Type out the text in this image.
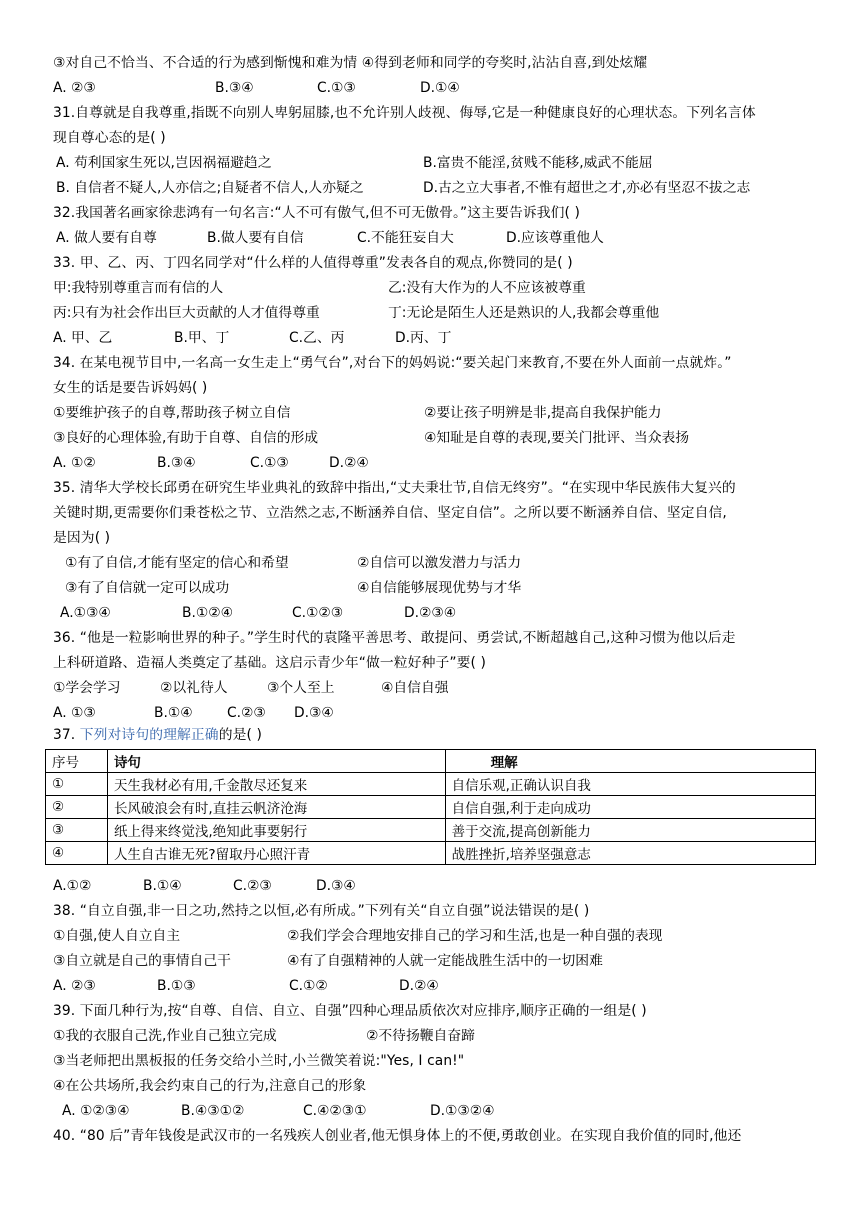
③对自己不恰当、不合适的行为感到惭愧和难为情 ④得到老师和同学的夸奖时,沾沾自喜,到处炫耀
A. ②③	B.③④	C.①③	D.①④
31.自尊就是自我尊重,指既不向别人卑躬屈膝,也不允许别人歧视、侮辱,它是一种健康良好的心理状态。下列名言体
现自尊心态的是( )
A. 苟利国家生死以,岂因祸福避趋之	B.富贵不能淫,贫贱不能移,威武不能屈
B. 自信者不疑人,人亦信之;自疑者不信人,人亦疑之	D.古之立大事者,不惟有超世之才,亦必有坚忍不拔之志
32.我国著名画家徐悲鸿有一句名言:“人不可有傲气,但不可无傲骨。”这主要告诉我们( )
A. 做人要有自尊	B.做人要有自信	C.不能狂妄自大	D.应该尊重他人
33. 甲、乙、丙、丁四名同学对“什么样的人值得尊重”发表各自的观点,你赞同的是( )
甲:我特别尊重言而有信的人	乙:没有大作为的人不应该被尊重
丙:只有为社会作出巨大贡献的人才值得尊重	丁:无论是陌生人还是熟识的人,我都会尊重他
A. 甲、乙	B.甲、丁	C.乙、丙	D.丙、丁
34. 在某电视节目中,一名高一女生走上“勇气台”,对台下的妈妈说:“要关起门来教育,不要在外人面前一点就炸。”
女生的话是要告诉妈妈( )
①要维护孩子的自尊,帮助孩子树立自信	②要让孩子明辨是非,提高自我保护能力
③良好的心理体验,有助于自尊、自信的形成	④知耻是自尊的表现,要关门批评、当众表扬
A. ①②	B.③④	C.①③	D.②④
35. 清华大学校长邱勇在研究生毕业典礼的致辞中指出,“丈夫秉壮节,自信无终穷”。“在实现中华民族伟大复兴的
关键时期,更需要你们秉苍松之节、立浩然之志,不断涵养自信、坚定自信”。之所以要不断涵养自信、坚定自信,
是因为( )
①有了自信,才能有坚定的信心和希望	②自信可以激发潜力与活力
③有了自信就一定可以成功	④自信能够展现优势与才华
A.①③④	B.①②④	C.①②③	D.②③④
36. “他是一粒影响世界的种子。”学生时代的袁隆平善思考、敢提问、勇尝试,不断超越自己,这种习惯为他以后走
上科研道路、造福人类奠定了基础。这启示青少年“做一粒好种子”要( )
①学会学习	②以礼待人	③个人至上	④自信自强
A. ①③	B.①④ C.②③ D.③④
37. 下列对诗句的理解正确的是( )
序号	诗句	理解
①	天生我材必有用,千金散尽还复来	自信乐观,正确认识自我
②	长风破浪会有时,直挂云帆济沧海	自信自强,利于走向成功
③	纸上得来终觉浅,绝知此事要躬行	善于交流,提高创新能力
④	人生自古谁无死?留取丹心照汗青	战胜挫折,培养坚强意志
A.①②	B.①④	C.②③	D.③④
38. “自立自强,非一日之功,然持之以恒,必有所成。”下列有关“自立自强”说法错误的是( )
①自强,使人自立自主	②我们学会合理地安排自己的学习和生活,也是一种自强的表现
③自立就是自己的事情自己干	④有了自强精神的人就一定能战胜生活中的一切困难
A. ②③	B.①③	C.①②	D.②④
39. 下面几种行为,按“自尊、自信、自立、自强”四种心理品质依次对应排序,顺序正确的一组是( )
①我的衣服自己洗,作业自己独立完成	②不待扬鞭自奋蹄
③当老师把出黑板报的任务交给小兰时,小兰微笑着说:"Yes, I can!"
④在公共场所,我会约束自己的行为,注意自己的形象
A. ①②③④	B.④③①②	C.④②③①	D.①③②④
40. “80 后”青年钱俊是武汉市的一名残疾人创业者,他无惧身体上的不便,勇敢创业。在实现自我价值的同时,他还
